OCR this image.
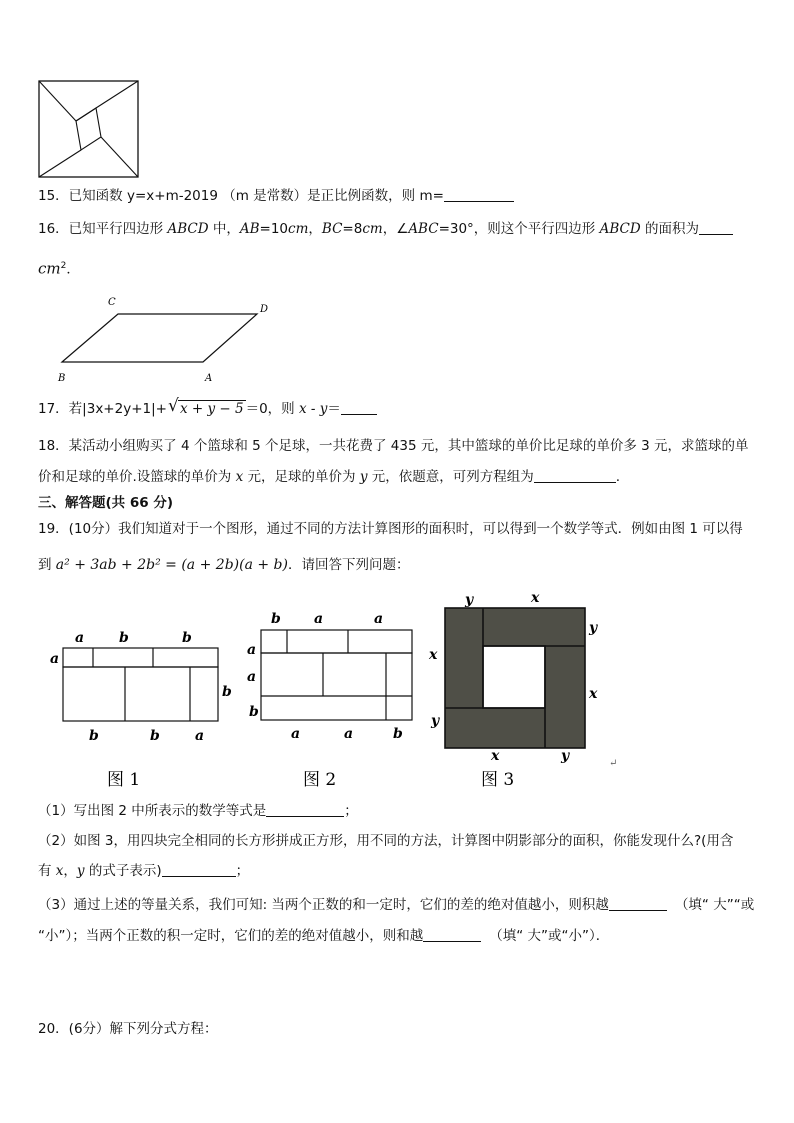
15．已知函数 y=x+m-2019 （m 是常数）是正比例函数，则 m=
16．已知平行四边形 ABCD 中，AB=10cm，BC=8cm，∠ABC=30°，则这个平行四边形 ABCD 的面积为
$cm^2$．
C
D
B	A
17．若|3x+2y+1|+ √ x + y − 5 ＝0，则 x - y＝
18．某活动小组购买了 4 个篮球和 5 个足球，一共花费了 435 元，其中篮球的单价比足球的单价多 3 元，求篮球的单
价和足球的单价.设篮球的单价为 x 元，足球的单价为 y 元，依题意，可列方程组为	.
三、解答题(共 66 分)
19．(10分）我们知道对于一个图形，通过不同的方法计算图形的面积时，可以得到一个数学等式．例如由图 1 可以得
到 a² + 3ab + 2b² = (a + 2b)(a + b)．请回答下列问题：
a b	b
a
b
b	b	a
图 1
b a	a
a
a
b
a	a	b
图 2
y	x
y
x
x
y
x	y
图 3
↵
（1）写出图 2 中所表示的数学等式是	；
（2）如图 3，用四块完全相同的长方形拼成正方形，用不同的方法，计算图中阴影部分的面积，你能发现什么?(用含
有 x，y 的式子表示)	；
（3）通过上述的等量关系，我们可知: 当两个正数的和一定时，它们的差的绝对值越小，则积越	（填“ 大”“或
“小”）；当两个正数的积一定时，它们的差的绝对值越小，则和越	（填“ 大”或“小”）．
20．(6分）解下列分式方程：
